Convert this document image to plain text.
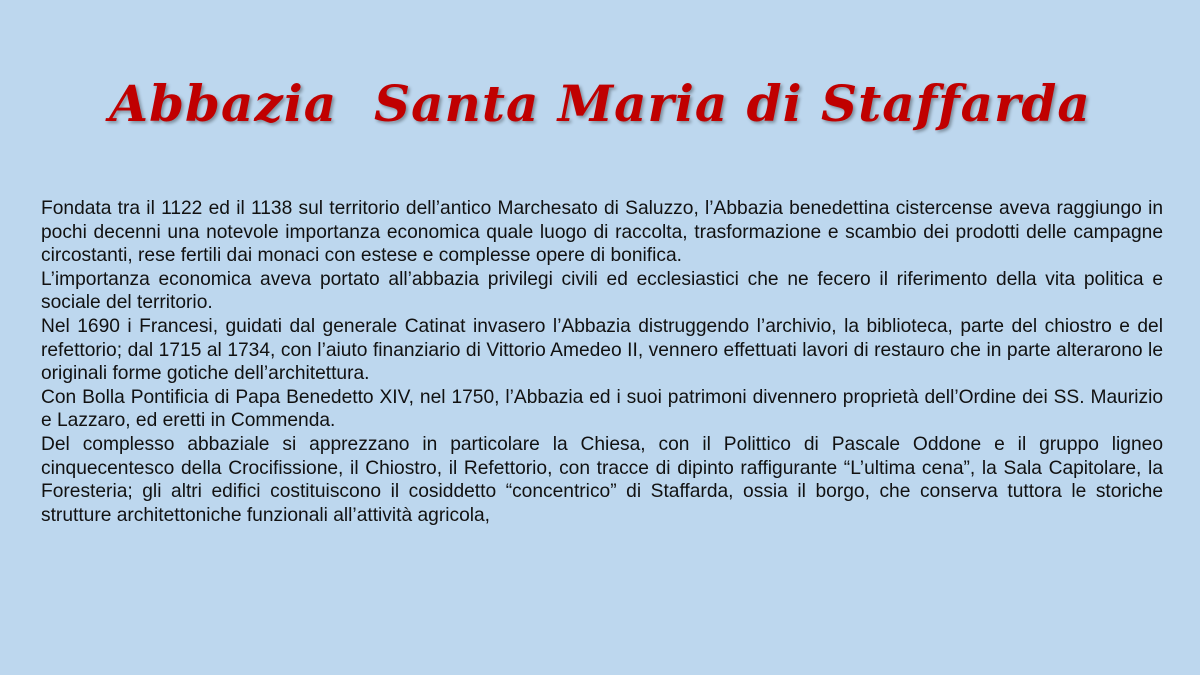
Abbazia  Santa Maria di Staffarda

Fondata tra il 1122 ed il 1138 sul territorio dell’antico Marchesato di Saluzzo, l’Abbazia benedettina cistercense aveva raggiungo in pochi decenni una notevole importanza economica quale luogo di raccolta, trasformazione e scambio dei prodotti delle campagne circostanti, rese fertili dai monaci con estese e complesse opere di bonifica.

L’importanza economica aveva portato all’abbazia privilegi civili ed ecclesiastici che ne fecero il riferimento della vita politica e sociale del territorio.

Nel 1690 i Francesi, guidati dal generale Catinat invasero l’Abbazia distruggendo l’archivio, la biblioteca, parte del chiostro e del refettorio; dal 1715 al 1734, con l’aiuto finanziario di Vittorio Amedeo II, vennero effettuati lavori di restauro che in parte alterarono le originali forme gotiche dell’architettura.

Con Bolla Pontificia di Papa Benedetto XIV, nel 1750, l’Abbazia ed i suoi patrimoni divennero proprietà dell’Ordine dei SS. Maurizio e Lazzaro, ed eretti in Commenda.

Del complesso abbaziale si apprezzano in particolare la Chiesa, con il Polittico di Pascale Oddone e il gruppo ligneo cinquecentesco della Crocifissione, il Chiostro, il Refettorio, con tracce di dipinto raffigurante “L’ultima cena”, la Sala Capitolare, la Foresteria; gli altri edifici costituiscono il cosiddetto “concentrico” di Staffarda, ossia il borgo, che conserva tuttora le storiche strutture architettoniche funzionali all’attività agricola,
